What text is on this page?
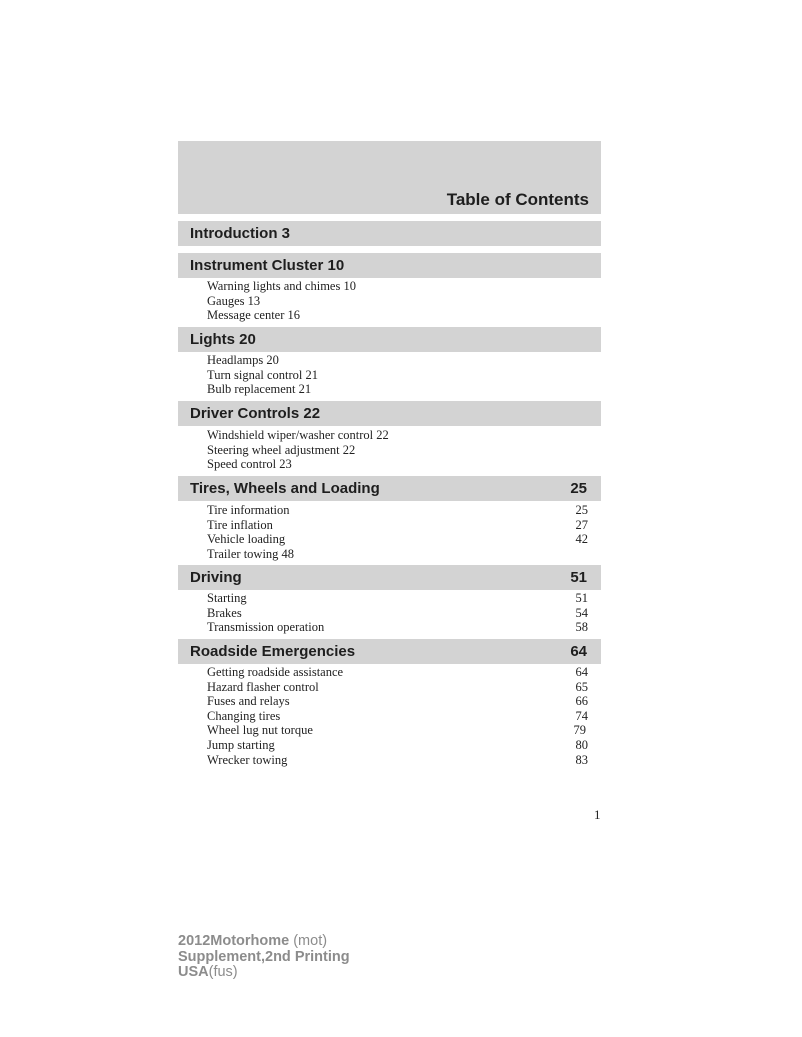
Table of Contents
Introduction 3
Instrument Cluster 10
Warning lights and chimes 10
Gauges 13
Message center 16
Lights 20
Headlamps 20
Turn signal control 21
Bulb replacement 21
Driver Controls 22
Windshield wiper/washer control 22
Steering wheel adjustment 22
Speed control 23
Tires, Wheels and Loading	25
Tire information	25
Tire inflation	27
Vehicle loading	42
Trailer towing 48
Driving	51
Starting	51
Brakes	54
Transmission operation	58
Roadside Emergencies	64
Getting roadside assistance	64
Hazard flasher control	65
Fuses and relays	66
Changing tires	74
Wheel lug nut torque	79
Jump starting	80
Wrecker towing	83
1
2012Motorhome (mot)
Supplement,2nd Printing
USA(fus)
